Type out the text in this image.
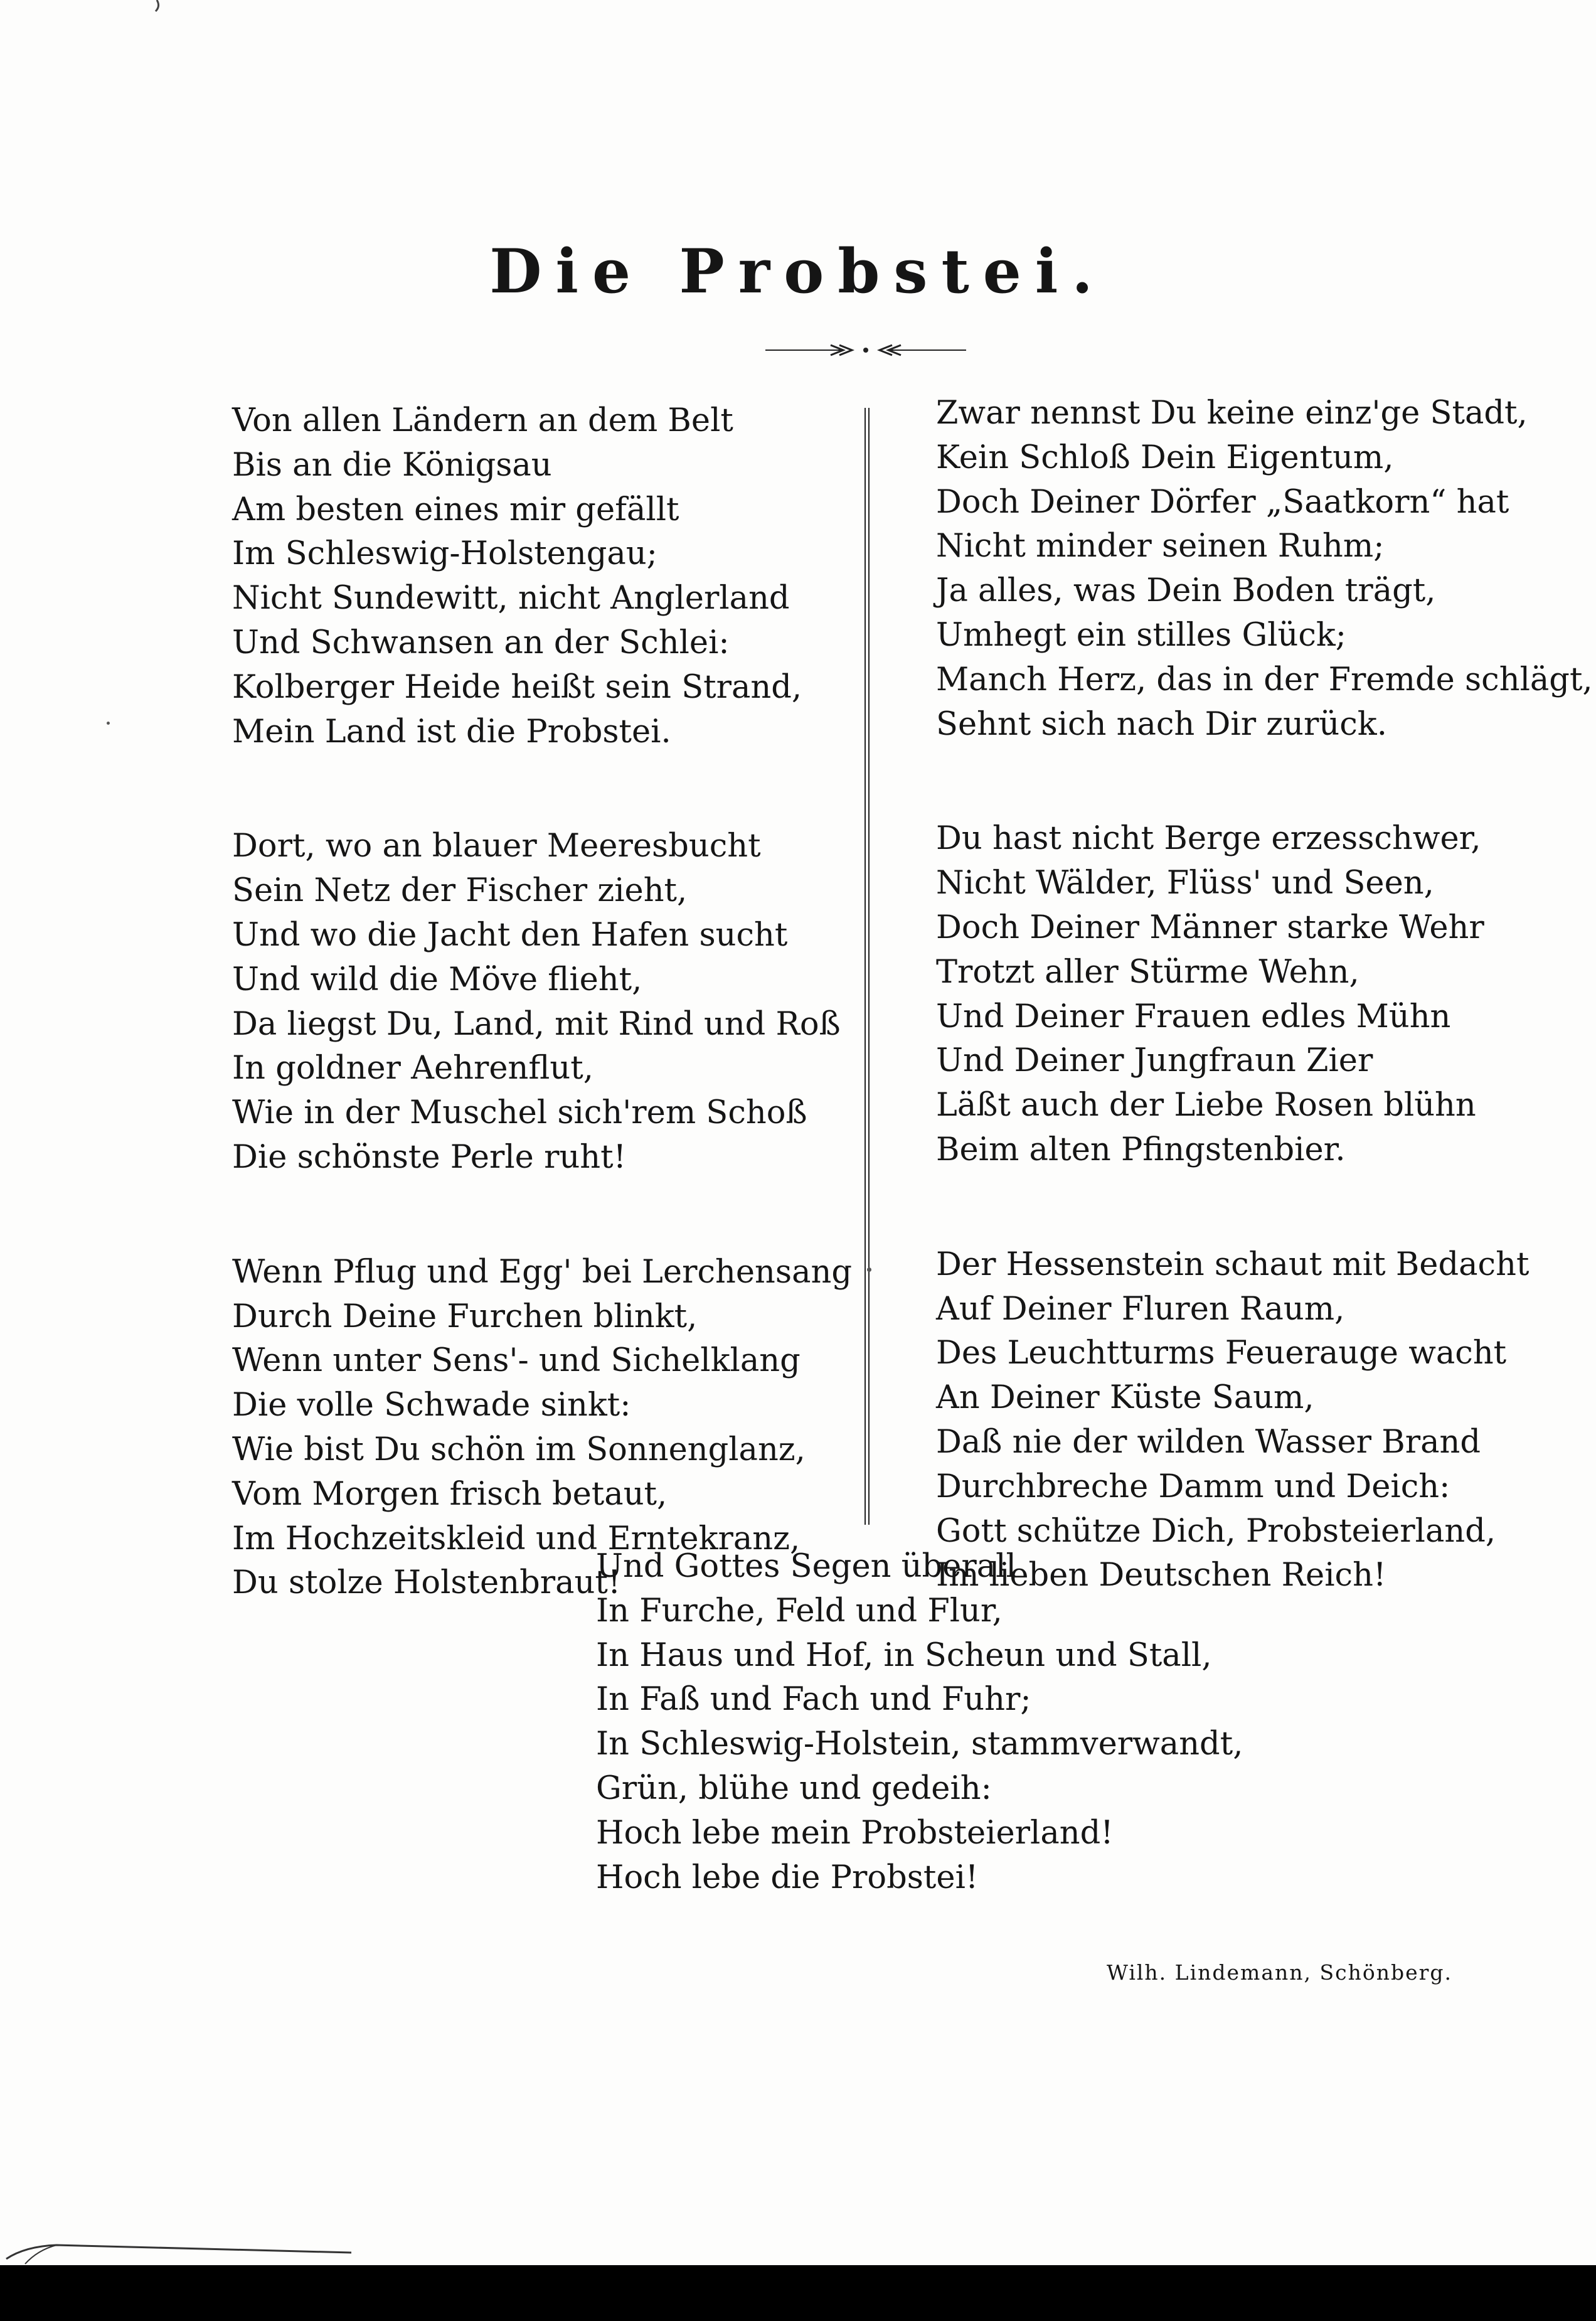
Die Probstei.
Von allen Ländern an dem Belt
Bis an die Königsau
Am besten eines mir gefällt
Im Schleswig-Holstengau;
Nicht Sundewitt, nicht Anglerland
Und Schwansen an der Schlei:
Kolberger Heide heißt sein Strand,
Mein Land ist die Probstei.
Dort, wo an blauer Meeresbucht
Sein Netz der Fischer zieht,
Und wo die Jacht den Hafen sucht
Und wild die Möve flieht,
Da liegst Du, Land, mit Rind und Roß
In goldner Aehrenflut,
Wie in der Muschel sich'rem Schoß
Die schönste Perle ruht!
Wenn Pflug und Egg' bei Lerchensang
Durch Deine Furchen blinkt,
Wenn unter Sens'- und Sichelklang
Die volle Schwade sinkt:
Wie bist Du schön im Sonnenglanz,
Vom Morgen frisch betaut,
Im Hochzeitskleid und Erntekranz,
Du stolze Holstenbraut!
Zwar nennst Du keine einz'ge Stadt,
Kein Schloß Dein Eigentum,
Doch Deiner Dörfer „Saatkorn“ hat
Nicht minder seinen Ruhm;
Ja alles, was Dein Boden trägt,
Umhegt ein stilles Glück;
Manch Herz, das in der Fremde schlägt,
Sehnt sich nach Dir zurück.
Du hast nicht Berge erzesschwer,
Nicht Wälder, Flüss' und Seen,
Doch Deiner Männer starke Wehr
Trotzt aller Stürme Wehn,
Und Deiner Frauen edles Mühn
Und Deiner Jungfraun Zier
Läßt auch der Liebe Rosen blühn
Beim alten Pfingstenbier.
Der Hessenstein schaut mit Bedacht
Auf Deiner Fluren Raum,
Des Leuchtturms Feuerauge wacht
An Deiner Küste Saum,
Daß nie der wilden Wasser Brand
Durchbreche Damm und Deich:
Gott schütze Dich, Probsteierland,
Im lieben Deutschen Reich!
Und Gottes Segen überall
In Furche, Feld und Flur,
In Haus und Hof, in Scheun und Stall,
In Faß und Fach und Fuhr;
In Schleswig-Holstein, stammverwandt,
Grün, blühe und gedeih:
Hoch lebe mein Probsteierland!
Hoch lebe die Probstei!
Wilh. Lindemann, Schönberg.
